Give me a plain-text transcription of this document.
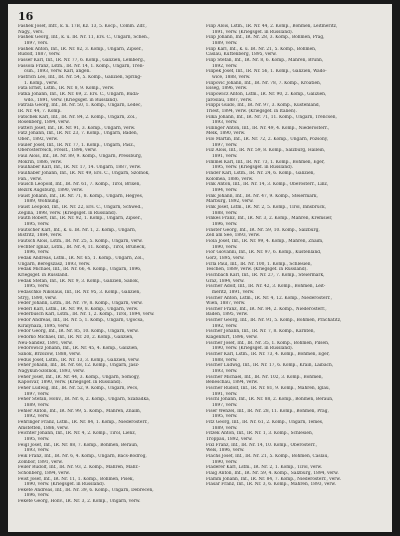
16
Fashek Josef, Infr., k. n. 17B, Kz. 13, 5. Kocp., Comm. Zdr.,
Nagy., vers.
Fashek Georg, Inf., k. u. IR. Nr. 11, Ers. C., Ungarn, Schen.,
1897, vers.
Fashek Anton, Inf., IR. Nr. 82, 3. Komp., Ungarn, Zipser.,
Rudolf, 1887, verw.
Fasser Karl, Inf., IR. Nr. 77, 6. Komp., Galizien, Lemberg.,
Fassola Franz, Lstm., IR. Nr. 14, 1. Komp., Ungarn, Tren-
csin., 1893, verw. Karl, angen.
Fastrich Leo, Inf., IR. Nr. 54, 5. Komp., Galizien, Spring-
1. Komp., verw.
Fata Ernst, Lstm., IR. Nr. 8, 9. Komp., verw.
Fatka Johann, Inf., IR. Nr. 69, 2. Ers. C., Ungarn, Buda-
wdo., 1891, verw. (Kriegsgef. in Russland).
Fatrala Georg, Inf., IR. Nr. 50, 1. Komp., Ungarn, Ledec,
IR. Nr. 44, 7. Komp.
Fatschek Karl, Inf., IR. Nr. 84, 2. Komp., Ungarn, Zol.,
Rosenberg, 1894, verw.
Fatteri Josef, Inf., IR. Nr. 91, 3. Komp., Ungarn, verw.
Fatz Johann, Inf., IR. Nr. 23, 7. Komp., Ungarn, Baden,
Ober., 1892, verw.
Fauler Josef, Inf., IR. Nr. 77, 1. Komp., Ungarn, Pasz.,
Oberösterreich, Freist., 1896, verw.
Faul Alois, Inf., IR. Nr. 89, 9. Komp., Ungarn, Pressburg,
Mokrin, 1886, verw.
Faulhaber Karl, Inf., IR. Nr. 17, 14. Ungarn, 1887, verw.
Faulhaber Johann, Inf., IR. Nr. 49, Ers. C., Ungarn, Szolnok,
Fan., verw.
Fausch Leopold, Inf., IR. Nr. 61, 7. Komp., Tirol, Brixen,
Bezirk Augsburg, 1890, verw.
Faust Johann, Inf., IR. Nr. 71, 8. Komp., Ungarn, Hegyes,
1889, Wohnung.
Faust Leopold, Inf., IR. Nr. 22, Ers. C., Ungarn, Schwed.,
Zegina, 1898, verw. (Kriegsgef. in Russland).
Fauth Robert, Inf., IR. Nr. 92, 1. Komp., Ungarn, Zipser.,
1895, verw.
Fautscher Karl, Inf., k. u. IR. Nr. 1, 2. Komp., Ungarn,
Bistritz, 1884, verw.
Fautsch Alois, Lstm., IR. Nr. 25, 5. Komp., Ungarn, verw.
Fechter Ignaz, Lstm., IR. Nr. 4, 11. Komp., Tirol, Bruneck,
1896, verw.
Fedak Andreas, Lstm., IR. Nr. 65, 1. Komp., Ungarn, Zol.,
Ungarn, Beregszász, 1893, verw.
Fedak Michael, Inf., IR. Nr. 66, 4. Komp., Ungarn, 1896,
Kriegsgef. in Russland.
Fedak Stefan, Inf., IR. Nr. 9, 3. Komp., Galizien, Sanok,
1895, verw.
Fedaschko Nikolaus, Inf., IR. Nr. 95, 3. Komp., Galizien,
Stryj, 1890, verw.
Feder Johann, Lstm., IR. Nr. 79, 8. Komp., Ungarn, verw.
Federl Karl, Lstm., IR. Nr. 99, 8. Komp., Ungarn, verw.
Federbusch Karl, Lstm., IR. Nr. 1, 2. Komp., Tirol, 1894, verw.
Fedor Andreas, Inf., IR. Nr. 5, 1. Komp., Ungarn, Ugocsa,
Királyháza, 1895, verw.
Fedor Georg, Inf., IR. Nr. 85, 10. Komp., Ungarn, verw.
Fedorko Michael, Inf., IR. Nr. 20, 2. Komp., Galizien,
Neu-Sandez, 1891, verw.
Fedorowicz Johann, Inf., IR. Nr. 45, 4. Komp., Galizien,
Sanok, Brzozów, 1888, verw.
Fedus Josef, Lstm., IR. Nr. 13, 3. Komp., Galizien, verw.
Feher Johann, Inf., IR. Nr. 68, 12. Komp., Ungarn, Jász-
Nagykun-Szolnok, 1893, verw.
Feher Josef, Inf., IR. Nr. 44, 3. Komp., Ungarn, Somogy,
Kaposvár, 1890, verw. (Kriegsgef. in Russland).
Feher Ludwig, Inf., IR. Nr. 52, 9. Komp., Ungarn, Pécs,
1897, verw.
Feher Stefan, Honv., IR. Nr. 6, 2. Komp., Ungarn, Szabadka,
1889, verw.
Fehler Anton, Inf., IR. Nr. 99, 5. Komp., Mähren, Znaim,
1892, verw.
Fehringer Franz, Lstm., IR. Nr. 84, 1. Komp., Niederösterr.,
Amstetten, 1886, verw.
Feichter Johann, Inf., IR. Nr. 4, 2. Komp., Tirol, Lienz,
1895, verw.
Feigl Josef, Inf., IR. Nr. 88, 7. Komp., Böhmen, Beraun,
1893, verw.
Feik Franz, Inf., IR. Nr. 6, 4. Komp., Ungarn, Bács-Bodrog,
Zombor, 1891, verw.
Feiler Rudolf, Inf., IR. Nr. 93, 2. Komp., Mähren, Mähr.-
Schönberg, 1894, verw.
Feist Josef, Inf., IR. Nr. 11, 1. Komp., Böhmen, Pisek,
1890, verw. (Kriegsgef. in Russland).
Fekete Andreas, Inf., IR. Nr. 39, 6. Komp., Ungarn, Debrecen,
1896, verw.
Fekete Georg, Honv., IR. Nr. 3, 2. Komp., Ungarn, verw.
Filip Alois, Lstm., IR. Nr. 44, 2. Komp., Böhmen, Leitmeritz,
1891, verw. (Kriegsgef. in Russland).
Filip Johann, Inf., IR. Nr. 28, 3. Komp., Böhmen, Prag,
1889, verw.
Filip Karl, Inf., k. u. IR. Nr. 21, 5. Komp., Böhmen,
Caslau, Kuttenberg, 1895, verw.
Filip Stefan, Inf., IR. Nr. 8, 6. Komp., Mähren, Brünn,
1892, verw.
Filipek Josef, Inf., IR. Nr. 56, 1. Komp., Galizien, Wado-
wice, 1888, verw.
Filipović Johann, Inf., IR. Nr. 78, 7. Komp., Kroatien,
Esseg, 1896, verw.
Filipowicz Anton, Lstm., IR. Nr. 90, 2. Komp., Galizien,
Jaroslau, 1887, verw.
Filippi Guido, Inf., IR. Nr. 97, 3. Komp., Küstenland,
Triest, 1894, verw. (Kriegsgef. in Italien).
Filka Johann, Inf., IR. Nr. 71, 11. Komp., Ungarn, Trencsén,
1893, verw.
Fillinger Anton, Inf., IR. Nr. 49, 4. Komp., Niederösterr.,
Melk, 1890, verw.
Filo Martin, Inf., IR. Nr. 72, 2. Komp., Ungarn, Pozsony,
1897, verw.
Filz Alois, Inf., IR. Nr. 59, 8. Komp., Salzburg, Hallein,
1891, verw.
Fimmel Karl, Inf., IR. Nr. 73, 1. Komp., Böhmen, Eger,
1895, verw. (Kriegsgef. in Russland).
Finder Karl, Lstm., IR. Nr. 24, 6. Komp., Galizien,
Kolomea, 1886, verw.
Fink Anton, Inf., IR. Nr. 14, 3. Komp., Oberösterr., Linz,
1894, verw.
Fink Johann, Inf., IR. Nr. 47, 9. Komp., Steiermark,
Marburg, 1892, verw.
Fink Josef, Lstm., IR. Nr. 2, 5. Komp., Tirol, Innsbruck,
1888, verw.
Finkes Franz, Inf., IR. Nr. 3, 2. Komp., Mähren, Kremsier,
1896, verw.
Finster Georg, Inf., IR. Nr. 59, 10. Komp., Salzburg,
Zell am See, 1893, verw.
Fiola Josef, Inf., IR. Nr. 99, 4. Komp., Mähren, Znaim,
1890, verw.
Fior Giovanni, Inf., IR. Nr. 97, 6. Komp., Küstenland,
Görz, 1895, verw.
Firla Paul, Inf., IR. Nr. 100, 1. Komp., Schlesien,
Teschen, 1889, verw. (Kriegsgef. in Russland).
Fischbach Karl, Inf., IR. Nr. 27, 7. Komp., Steiermark,
Graz, 1894, verw.
Fischer Adolf, Inf., IR. Nr. 42, 3. Komp., Böhmen, Leit-
meritz, 1891, verw.
Fischer Anton, Lstm., IR. Nr. 4, 12. Komp., Niederösterr.,
Wien, 1887, verw.
Fischer Franz, Inf., IR. Nr. 84, 2. Komp., Niederösterr.,
Baden, 1895, verw.
Fischer Georg, Inf., IR. Nr. 91, 5. Komp., Böhmen, Prachatitz,
1892, verw.
Fischer Johann, Inf., IR. Nr. 7, 8. Komp., Kärnten,
Klagenfurt, 1896, verw.
Fischer Josef, Inf., IR. Nr. 35, 1. Komp., Böhmen, Pilsen,
1890, verw. (Kriegsgef. in Russland).
Fischer Karl, Lstm., IR. Nr. 73, 4. Komp., Böhmen, Eger,
1888, verw.
Fischer Ludwig, Inf., IR. Nr. 17, 6. Komp., Krain, Laibach,
1893, verw.
Fischer Michael, Inf., IR. Nr. 102, 3. Komp., Böhmen,
Beneschau, 1894, verw.
Fischer Rudolf, Inf., IR. Nr. 81, 9. Komp., Mähren, Iglau,
1891, verw.
Fischl Johann, Inf., IR. Nr. 88, 2. Komp., Böhmen, Beraun,
1897, verw.
Fiser Wenzel, Inf., IR. Nr. 28, 11. Komp., Böhmen, Prag,
1895, verw.
Fitz Georg, Inf., IR. Nr. 61, 2. Komp., Ungarn, Temes,
1889, verw.
Fitzek Anton, Inf., IR. Nr. 1, 3. Komp., Schlesien,
Troppau, 1892, verw.
Fixl Franz, Inf., IR. Nr. 14, 10. Komp., Oberösterr.,
Wels, 1896, verw.
Flachs Josef, Inf., IR. Nr. 21, 5. Komp., Böhmen, Caslau,
1890, verw.
Fladerer Karl, Lstm., IR. Nr. 2, 1. Komp., Tirol, verw.
Flaig Anton, Inf., IR. Nr. 59, 4. Komp., Salzburg, 1894, verw.
Flamm Johann, Inf., IR. Nr. 84, 7. Komp., Niederösterr., verw.
Flasar Franz, Inf., IR. Nr. 3, 6. Komp., Mähren, 1893, verw.
